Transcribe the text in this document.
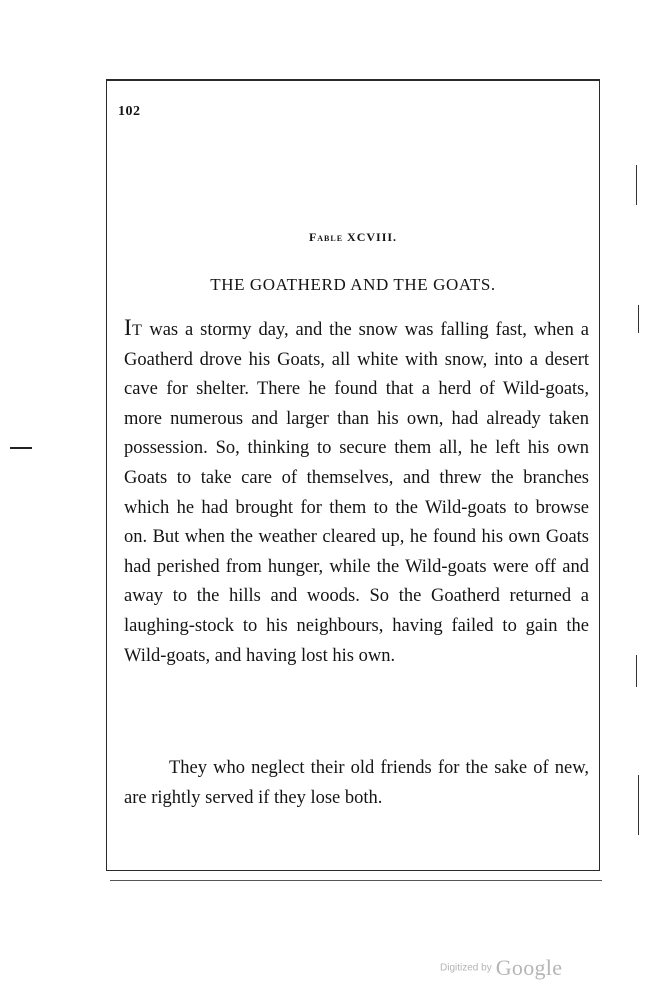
102
Fable XCVIII.
THE GOATHERD AND THE GOATS.

It was a stormy day, and the snow was falling fast, when a Goatherd drove his Goats, all white with snow, into a desert cave for shelter. There he found that a herd of Wild-goats, more numerous and larger than his own, had already taken possession. So, thinking to secure them all, he left his own Goats to take care of themselves, and threw the branches which he had brought for them to the Wild-goats to browse on. But when the weather cleared up, he found his own Goats had perished from hunger, while the Wild-goats were off and away to the hills and woods. So the Goatherd returned a laughing-stock to his neighbours, having failed to gain the Wild-goats, and having lost his own.

They who neglect their old friends for the sake of new, are rightly served if they lose both.

Digitized by Google
